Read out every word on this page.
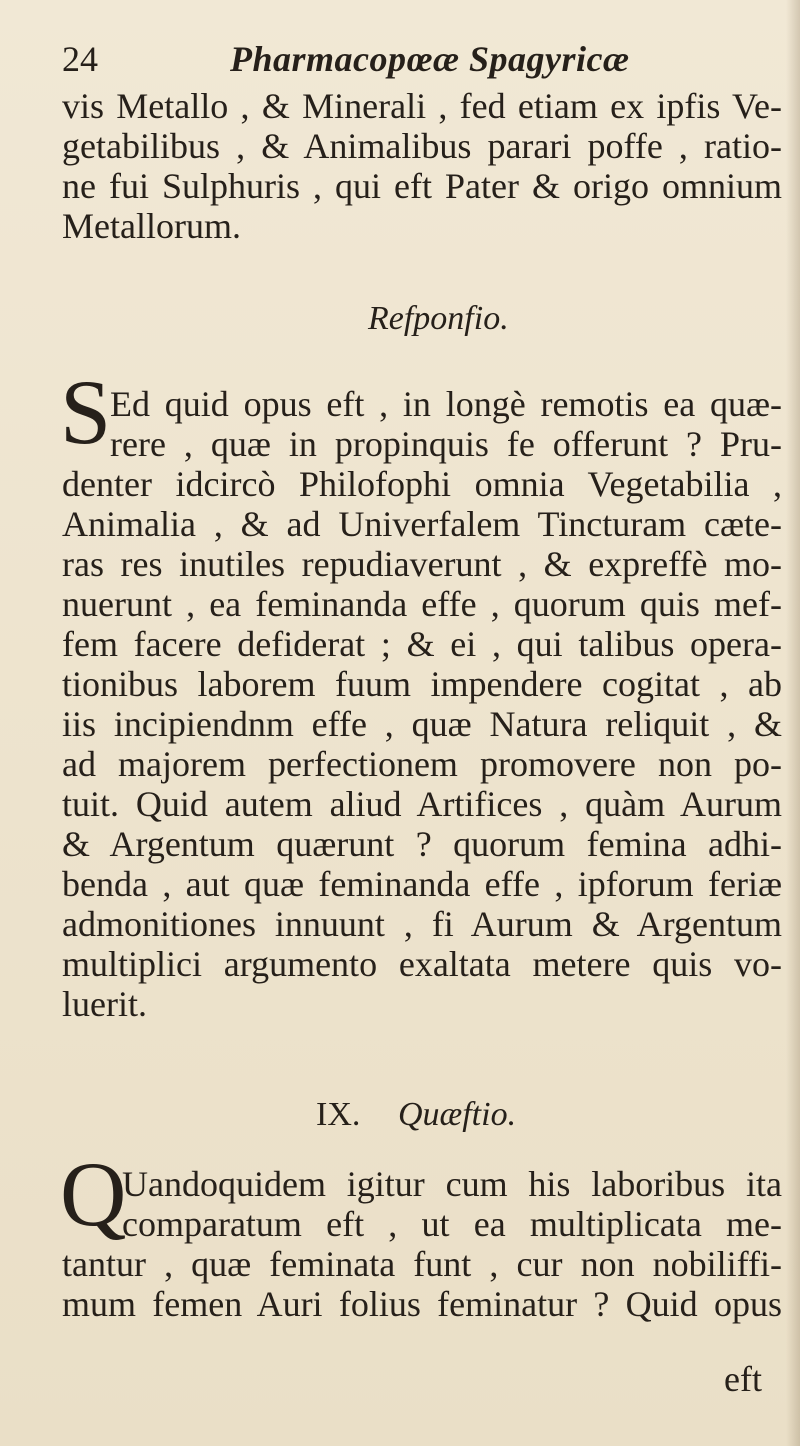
24	Pharmacopœæ Spagyricæ
vis Metallo , & Minerali , fed etiam ex ipfis Ve-
getabilibus , & Animalibus parari poffe , ratio-
ne fui Sulphuris , qui eft Pater & origo omnium
Metallorum.
Refponfio.
S
Ed quid opus eft , in longè remotis ea quæ-
rere , quæ in propinquis fe offerunt ? Pru-
denter idcircò Philofophi omnia Vegetabilia ,
Animalia , & ad Univerfalem Tincturam cæte-
ras res inutiles repudiaverunt , & expreffè mo-
nuerunt , ea feminanda effe , quorum quis mef-
fem facere defiderat ; & ei , qui talibus opera-
tionibus laborem fuum impendere cogitat , ab
iis incipiendnm effe , quæ Natura reliquit , &
ad majorem perfectionem promovere non po-
tuit. Quid autem aliud Artifices , quàm Aurum
& Argentum quærunt ? quorum femina adhi-
benda , aut quæ feminanda effe , ipforum feriæ
admonitiones innuunt , fi Aurum & Argentum
multiplici argumento exaltata metere quis vo-
luerit.
IX. Quæftio.
Q
Uandoquidem igitur cum his laboribus ita
comparatum eft , ut ea multiplicata me-
tantur , quæ feminata funt , cur non nobiliffi-
mum femen Auri folius feminatur ? Quid opus
eft
